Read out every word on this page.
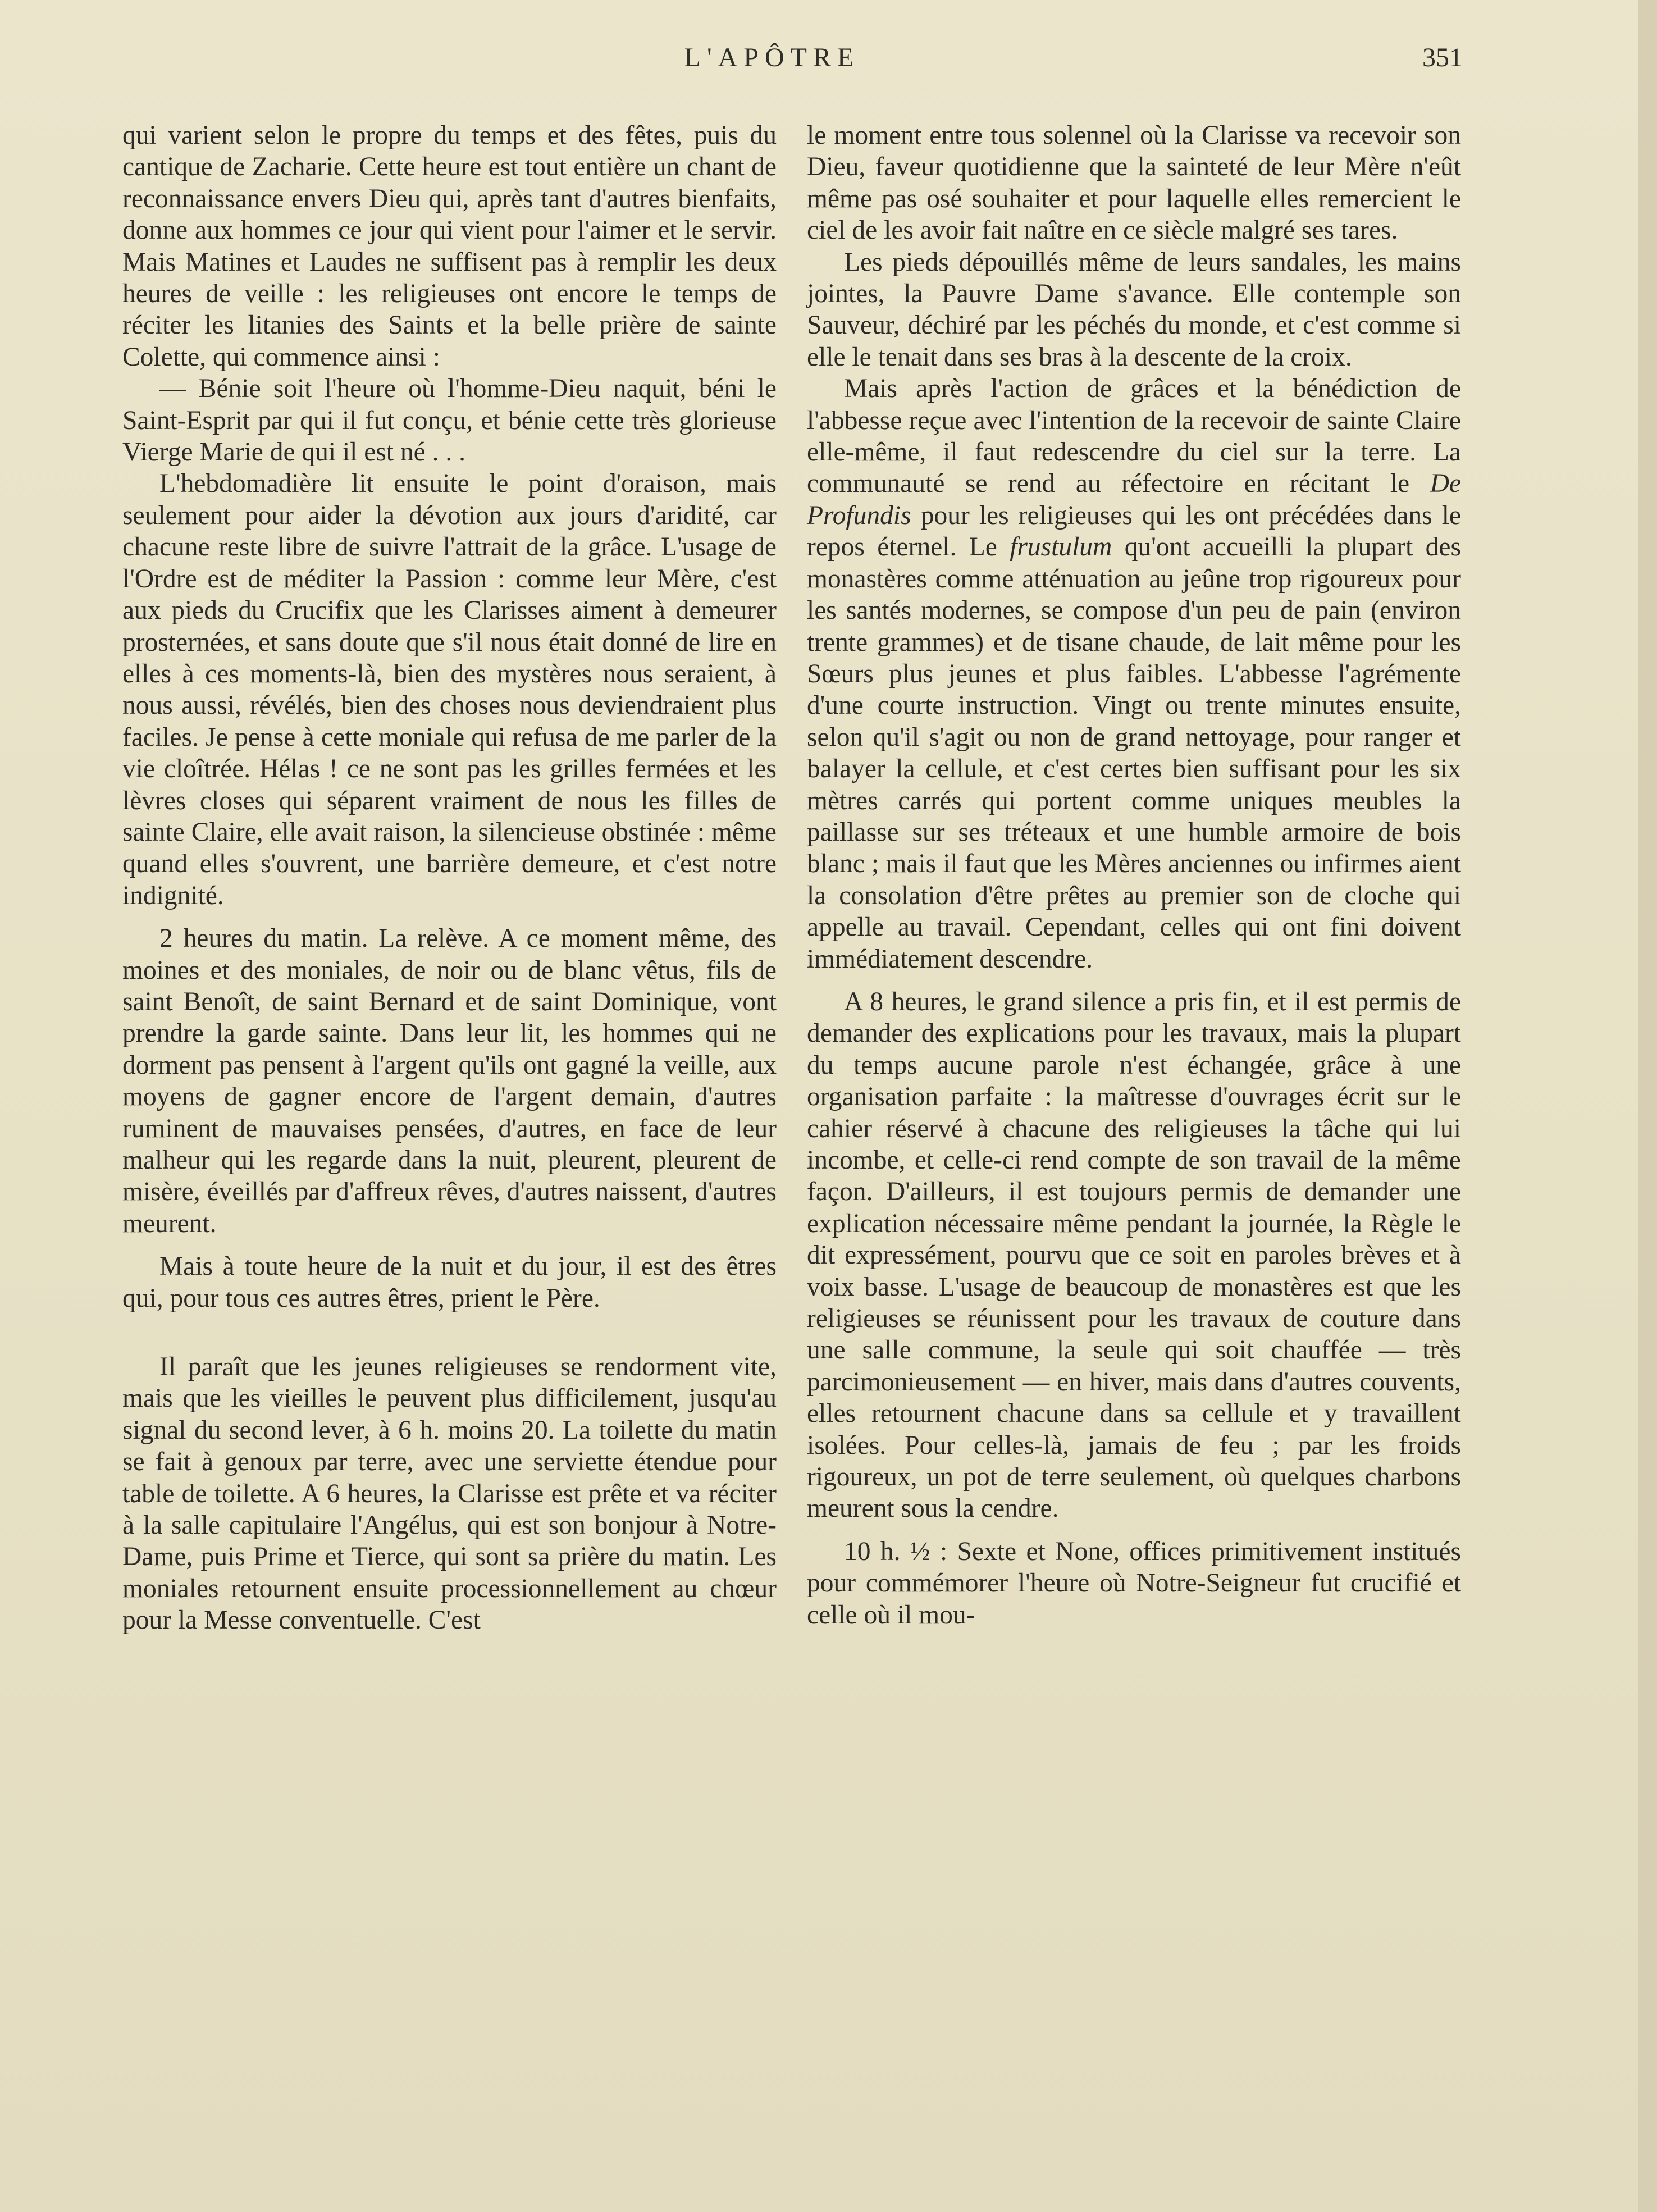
L'APÔTRE	351

qui varient selon le propre du temps et des fêtes, puis du cantique de Zacharie. Cette heure est tout entière un chant de reconnaissance envers Dieu qui, après tant d'autres bienfaits, donne aux hommes ce jour qui vient pour l'aimer et le servir. Mais Matines et Laudes ne suffisent pas à remplir les deux heures de veille : les religieuses ont encore le temps de réciter les litanies des Saints et la belle prière de sainte Colette, qui commence ainsi :

— Bénie soit l'heure où l'homme-Dieu naquit, béni le Saint-Esprit par qui il fut conçu, et bénie cette très glorieuse Vierge Marie de qui il est né . . .

L'hebdomadière lit ensuite le point d'oraison, mais seulement pour aider la dévotion aux jours d'aridité, car chacune reste libre de suivre l'attrait de la grâce. L'usage de l'Ordre est de méditer la Passion : comme leur Mère, c'est aux pieds du Crucifix que les Clarisses aiment à demeurer prosternées, et sans doute que s'il nous était donné de lire en elles à ces moments-là, bien des mystères nous seraient, à nous aussi, révélés, bien des choses nous deviendraient plus faciles. Je pense à cette moniale qui refusa de me parler de la vie cloîtrée. Hélas ! ce ne sont pas les grilles fermées et les lèvres closes qui séparent vraiment de nous les filles de sainte Claire, elle avait raison, la silencieuse obstinée : même quand elles s'ouvrent, une barrière demeure, et c'est notre indignité.

2 heures du matin. La relève. A ce moment même, des moines et des moniales, de noir ou de blanc vêtus, fils de saint Benoît, de saint Bernard et de saint Dominique, vont prendre la garde sainte. Dans leur lit, les hommes qui ne dorment pas pensent à l'argent qu'ils ont gagné la veille, aux moyens de gagner encore de l'argent demain, d'autres ruminent de mauvaises pensées, d'autres, en face de leur malheur qui les regarde dans la nuit, pleurent, pleurent de misère, éveillés par d'affreux rêves, d'autres naissent, d'autres meurent.

Mais à toute heure de la nuit et du jour, il est des êtres qui, pour tous ces autres êtres, prient le Père.

Il paraît que les jeunes religieuses se rendorment vite, mais que les vieilles le peuvent plus difficilement, jusqu'au signal du second lever, à 6 h. moins 20. La toilette du matin se fait à genoux par terre, avec une serviette étendue pour table de toilette. A 6 heures, la Clarisse est prête et va réciter à la salle capitulaire l'Angélus, qui est son bonjour à Notre-Dame, puis Prime et Tierce, qui sont sa prière du matin. Les moniales retournent ensuite processionnellement au chœur pour la Messe conventuelle. C'est

le moment entre tous solennel où la Clarisse va recevoir son Dieu, faveur quotidienne que la sainteté de leur Mère n'eût même pas osé souhaiter et pour laquelle elles remercient le ciel de les avoir fait naître en ce siècle malgré ses tares.

Les pieds dépouillés même de leurs sandales, les mains jointes, la Pauvre Dame s'avance. Elle contemple son Sauveur, déchiré par les péchés du monde, et c'est comme si elle le tenait dans ses bras à la descente de la croix.

Mais après l'action de grâces et la bénédiction de l'abbesse reçue avec l'intention de la recevoir de sainte Claire elle-même, il faut redescendre du ciel sur la terre. La communauté se rend au réfectoire en récitant le De Profundis pour les religieuses qui les ont précédées dans le repos éternel. Le frustulum qu'ont accueilli la plupart des monastères comme atténuation au jeûne trop rigoureux pour les santés modernes, se compose d'un peu de pain (environ trente grammes) et de tisane chaude, de lait même pour les Sœurs plus jeunes et plus faibles. L'abbesse l'agrémente d'une courte instruction. Vingt ou trente minutes ensuite, selon qu'il s'agit ou non de grand nettoyage, pour ranger et balayer la cellule, et c'est certes bien suffisant pour les six mètres carrés qui portent comme uniques meubles la paillasse sur ses tréteaux et une humble armoire de bois blanc ; mais il faut que les Mères anciennes ou infirmes aient la consolation d'être prêtes au premier son de cloche qui appelle au travail. Cependant, celles qui ont fini doivent immédiatement descendre.

A 8 heures, le grand silence a pris fin, et il est permis de demander des explications pour les travaux, mais la plupart du temps aucune parole n'est échangée, grâce à une organisation parfaite : la maîtresse d'ouvrages écrit sur le cahier réservé à chacune des religieuses la tâche qui lui incombe, et celle-ci rend compte de son travail de la même façon. D'ailleurs, il est toujours permis de demander une explication nécessaire même pendant la journée, la Règle le dit expressément, pourvu que ce soit en paroles brèves et à voix basse. L'usage de beaucoup de monastères est que les religieuses se réunissent pour les travaux de couture dans une salle commune, la seule qui soit chauffée — très parcimonieusement — en hiver, mais dans d'autres couvents, elles retournent chacune dans sa cellule et y travaillent isolées. Pour celles-là, jamais de feu ; par les froids rigoureux, un pot de terre seulement, où quelques charbons meurent sous la cendre.

10 h. ½ : Sexte et None, offices primitivement institués pour commémorer l'heure où Notre-Seigneur fut crucifié et celle où il mou-
